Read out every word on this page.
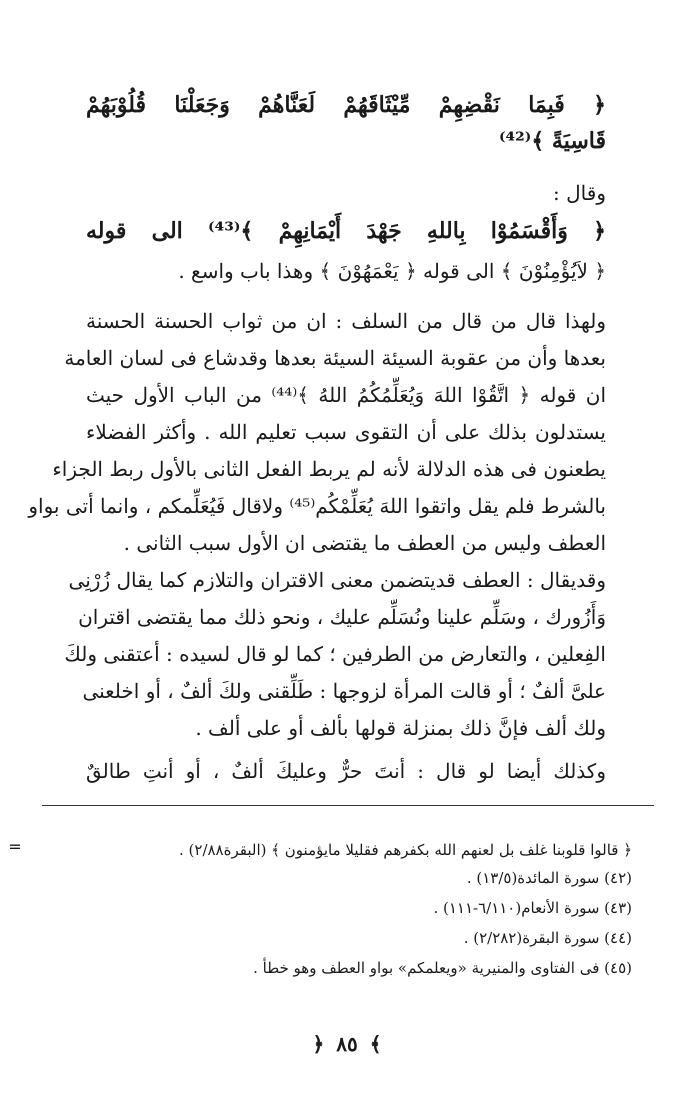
﴿ فَبِمَا نَقْضِهِمْ مِّيْثَاقَهُمْ لَعَنَّاهُمْ وَجَعَلْنَا قُلُوْبَهُمْ
قَاسِيَةً ﴾⁽⁴²⁾
وقال :
﴿ وَأَقْسَمُوْا بِاللهِ جَهْدَ أَيْمَانِهِمْ ﴾⁽⁴³⁾ الى قوله
﴿ لاَيُؤْمِنُوْنَ ﴾ الى قوله ﴿ يَعْمَهُوْنَ ﴾ وهذا باب واسع .
ولهذا قال من قال من السلف : ان من ثواب الحسنة الحسنة
بعدها وأن من عقوبة السيئة السيئة بعدها وقدشاع فى لسان العامة
ان قوله ﴿ اتَّقُوْا اللهَ وَيُعَلِّمُكُمُ اللهُ ﴾⁽⁴⁴⁾ من الباب الأول حيث
يستدلون بذلك على أن التقوى سبب تعليم الله . وأكثر الفضلاء
يطعنون فى هذه الدلالة لأنه لم يربط الفعل الثانى بالأول ربط الجزاء
بالشرط فلم يقل واتقوا اللهَ يُعَلِّمْكُم⁽⁴⁵⁾ ولاقال فَيُعَلِّمكم ، وانما أتى بواو
العطف وليس من العطف ما يقتضى ان الأول سبب الثانى .
وقديقال : العطف قديتضمن معنى الاقتران والتلازم كما يقال زُرْنِى
وَأَزُورك ، وسَلِّم علينا ونُسَلِّم عليك ، ونحو ذلك مما يقتضى اقتران
الفِعلين ، والتعارض من الطرفين ؛ كما لو قال لسيده : أعتقنى ولكَ
علىَّ ألفٌ ؛ أو قالت المرأة لزوجها : طَلِّقنى ولكَ ألفٌ ، أو اخلعنى
ولك ألف فإنَّ ذلك بمنزلة قولها بألف أو على ألف .
وكذلك أيضا لو قال : أنتَ حرٌّ وعليكَ ألفٌ ، أو أنتِ طالقٌ
=	﴿ قالوا قلوبنا غلف بل لعنهم الله بكفرهم فقليلا مايؤمنون ﴾ (البقرة٢/٨٨) .
(٤٢) سورة المائدة(١٣/٥) .
(٤٣) سورة الأنعام(٦/١١٠-١١١) .
(٤٤) سورة البقرة(٢/٢٨٢) .
(٤٥) فى الفتاوى والمنيرية «ويعلمكم» بواو العطف وهو خطأ .
﴾٨٥﴿
